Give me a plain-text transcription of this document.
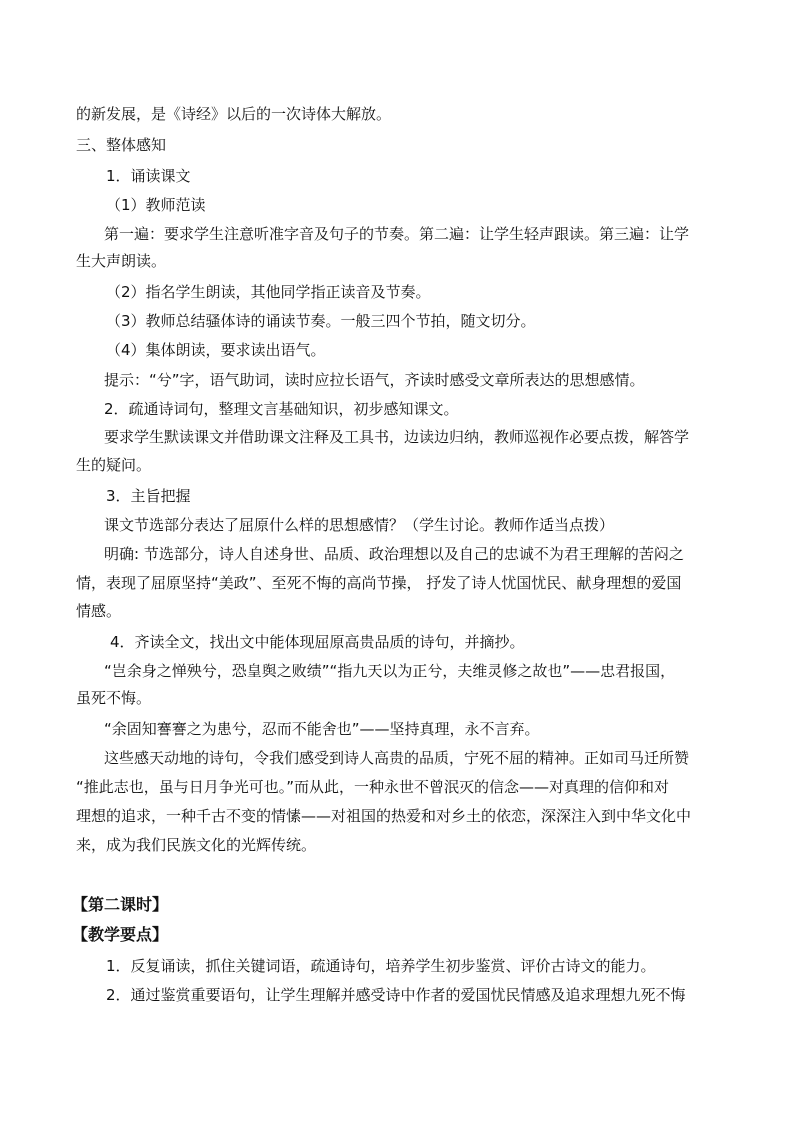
的新发展，是《诗经》以后的一次诗体大解放。
三、整体感知
1．诵读课文
（1）教师范读
第一遍：要求学生注意听准字音及句子的节奏。第二遍：让学生轻声跟读。第三遍：让学
生大声朗读。
（2）指名学生朗读，其他同学指正读音及节奏。
（3）教师总结骚体诗的诵读节奏。一般三四个节拍，随文切分。
（4）集体朗读，要求读出语气。
提示：“兮”字，语气助词，读时应拉长语气，齐读时感受文章所表达的思想感情。
2．疏通诗词句，整理文言基础知识，初步感知课文。
要求学生默读课文并借助课文注释及工具书，边读边归纳，教师巡视作必要点拨，解答学
生的疑问。
3．主旨把握
课文节选部分表达了屈原什么样的思想感情？（学生讨论。教师作适当点拨）
明确: 节选部分，诗人自述身世、品质、政治理想以及自己的忠诚不为君王理解的苦闷之
情，表现了屈原坚持“美政”、至死不悔的高尚节操， 抒发了诗人忧国忧民、献身理想的爱国
情感。
4．齐读全文，找出文中能体现屈原高贵品质的诗句，并摘抄。
“岂余身之惮殃兮，恐皇舆之败绩”“指九天以为正兮，夫维灵修之故也”——忠君报国，
虽死不悔。
“余固知謇謇之为患兮，忍而不能舍也”——坚持真理，永不言弃。
这些感天动地的诗句，令我们感受到诗人高贵的品质，宁死不屈的精神。正如司马迁所赞
“推此志也，虽与日月争光可也。”而从此，一种永世不曾泯灭的信念——对真理的信仰和对
理想的追求，一种千古不变的情愫——对祖国的热爱和对乡土的依恋，深深注入到中华文化中
来，成为我们民族文化的光辉传统。
【第二课时】
【教学要点】
1．反复诵读，抓住关键词语，疏通诗句，培养学生初步鉴赏、评价古诗文的能力。
2．通过鉴赏重要语句，让学生理解并感受诗中作者的爱国忧民情感及追求理想九死不悔
